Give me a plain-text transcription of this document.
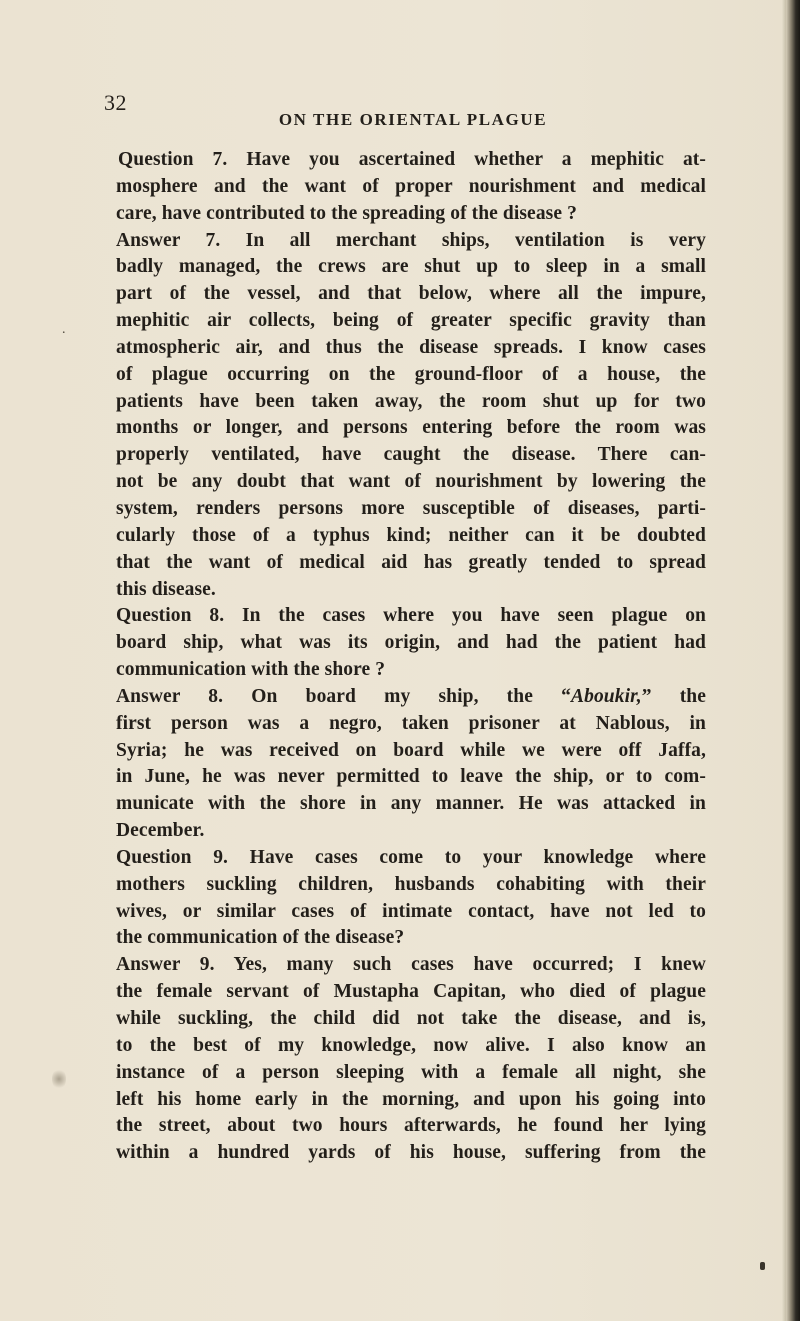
32
ON THE ORIENTAL PLAGUE
.
Question 7. Have you ascertained whether a mephitic at-
mosphere and the want of proper nourishment and medical
care, have contributed to the spreading of the disease ?
Answer 7. In all merchant ships, ventilation is very
badly managed, the crews are shut up to sleep in a small
part of the vessel, and that below, where all the impure,
mephitic air collects, being of greater specific gravity than
atmospheric air, and thus the disease spreads. I know cases
of plague occurring on the ground-floor of a house, the
patients have been taken away, the room shut up for two
months or longer, and persons entering before the room was
properly ventilated, have caught the disease. There can-
not be any doubt that want of nourishment by lowering the
system, renders persons more susceptible of diseases, parti-
cularly those of a typhus kind; neither can it be doubted
that the want of medical aid has greatly tended to spread
this disease.
Question 8. In the cases where you have seen plague on
board ship, what was its origin, and had the patient had
communication with the shore ?
Answer 8. On board my ship, the “Aboukir,” the
first person was a negro, taken prisoner at Nablous, in
Syria; he was received on board while we were off Jaffa,
in June, he was never permitted to leave the ship, or to com-
municate with the shore in any manner. He was attacked in
December.
Question 9. Have cases come to your knowledge where
mothers suckling children, husbands cohabiting with their
wives, or similar cases of intimate contact, have not led to
the communication of the disease?
Answer 9. Yes, many such cases have occurred; I knew
the female servant of Mustapha Capitan, who died of plague
while suckling, the child did not take the disease, and is,
to the best of my knowledge, now alive. I also know an
instance of a person sleeping with a female all night, she
left his home early in the morning, and upon his going into
the street, about two hours afterwards, he found her lying
within a hundred yards of his house, suffering from the
